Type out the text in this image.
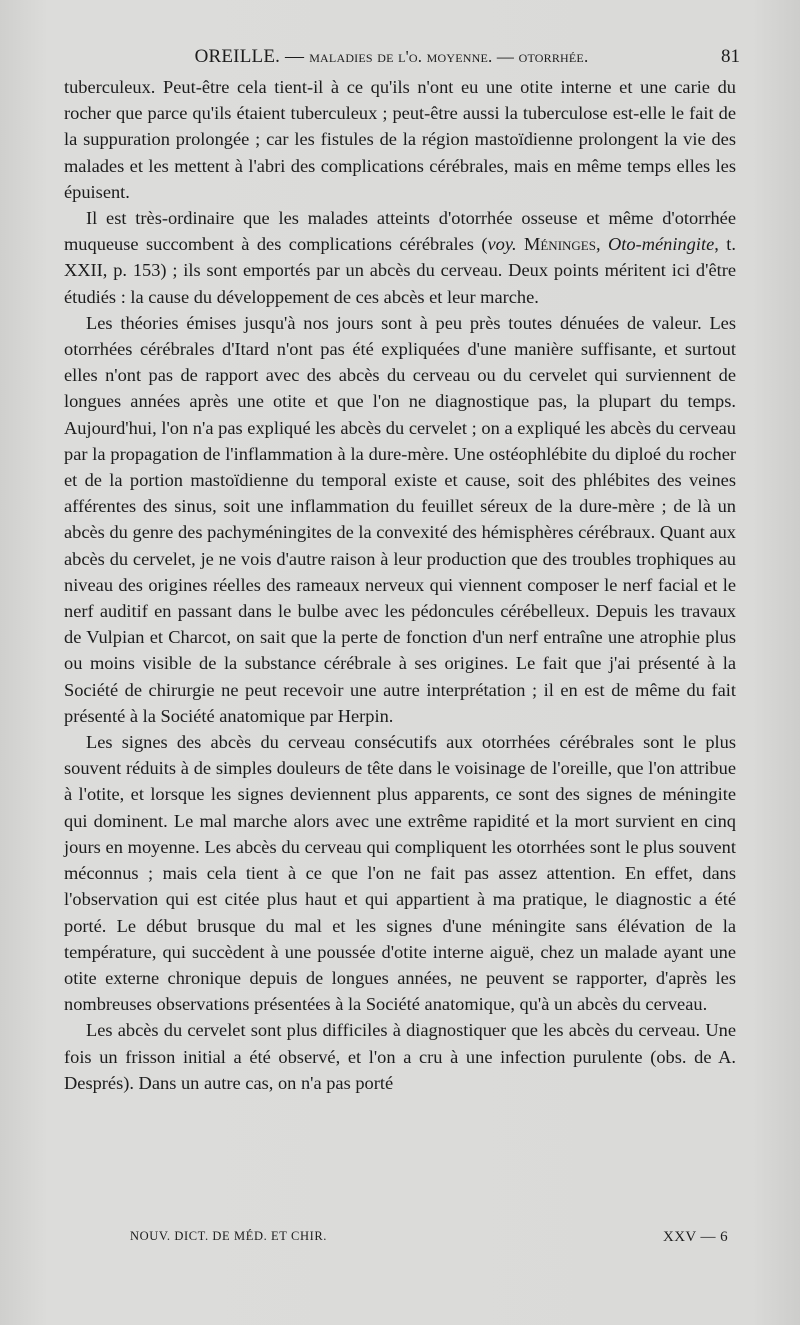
OREILLE. — maladies de l'o. moyenne. — otorrhée.	81

tuberculeux. Peut-être cela tient-il à ce qu'ils n'ont eu une otite interne et une carie du rocher que parce qu'ils étaient tuberculeux ; peut-être aussi la tuberculose est-elle le fait de la suppuration prolongée ; car les fistules de la région mastoïdienne prolongent la vie des malades et les mettent à l'abri des complications cérébrales, mais en même temps elles les épuisent.

Il est très-ordinaire que les malades atteints d'otorrhée osseuse et même d'otorrhée muqueuse succombent à des complications cérébrales (voy. Méninges, Oto-méningite, t. XXII, p. 153) ; ils sont emportés par un abcès du cerveau. Deux points méritent ici d'être étudiés : la cause du développement de ces abcès et leur marche.

Les théories émises jusqu'à nos jours sont à peu près toutes dénuées de valeur. Les otorrhées cérébrales d'Itard n'ont pas été expliquées d'une manière suffisante, et surtout elles n'ont pas de rapport avec des abcès du cerveau ou du cervelet qui surviennent de longues années après une otite et que l'on ne diagnostique pas, la plupart du temps. Aujourd'hui, l'on n'a pas expliqué les abcès du cervelet ; on a expliqué les abcès du cerveau par la propagation de l'inflammation à la dure-mère. Une ostéophlébite du diploé du rocher et de la portion mastoïdienne du temporal existe et cause, soit des phlébites des veines afférentes des sinus, soit une inflammation du feuillet séreux de la dure-mère ; de là un abcès du genre des pachyméningites de la convexité des hémisphères cérébraux. Quant aux abcès du cervelet, je ne vois d'autre raison à leur production que des troubles trophiques au niveau des origines réelles des rameaux nerveux qui viennent composer le nerf facial et le nerf auditif en passant dans le bulbe avec les pédoncules cérébelleux. Depuis les travaux de Vulpian et Charcot, on sait que la perte de fonction d'un nerf entraîne une atrophie plus ou moins visible de la substance cérébrale à ses origines. Le fait que j'ai présenté à la Société de chirurgie ne peut recevoir une autre interprétation ; il en est de même du fait présenté à la Société anatomique par Herpin.

Les signes des abcès du cerveau consécutifs aux otorrhées cérébrales sont le plus souvent réduits à de simples douleurs de tête dans le voisinage de l'oreille, que l'on attribue à l'otite, et lorsque les signes deviennent plus apparents, ce sont des signes de méningite qui dominent. Le mal marche alors avec une extrême rapidité et la mort survient en cinq jours en moyenne. Les abcès du cerveau qui compliquent les otorrhées sont le plus souvent méconnus ; mais cela tient à ce que l'on ne fait pas assez attention. En effet, dans l'observation qui est citée plus haut et qui appartient à ma pratique, le diagnostic a été porté. Le début brusque du mal et les signes d'une méningite sans élévation de la température, qui succèdent à une poussée d'otite interne aiguë, chez un malade ayant une otite externe chronique depuis de longues années, ne peuvent se rapporter, d'après les nombreuses observations présentées à la Société anatomique, qu'à un abcès du cerveau.

Les abcès du cervelet sont plus difficiles à diagnostiquer que les abcès du cerveau. Une fois un frisson initial a été observé, et l'on a cru à une infection purulente (obs. de A. Després). Dans un autre cas, on n'a pas porté

NOUV. DICT. DE MÉD. ET CHIR.	XXV — 6
